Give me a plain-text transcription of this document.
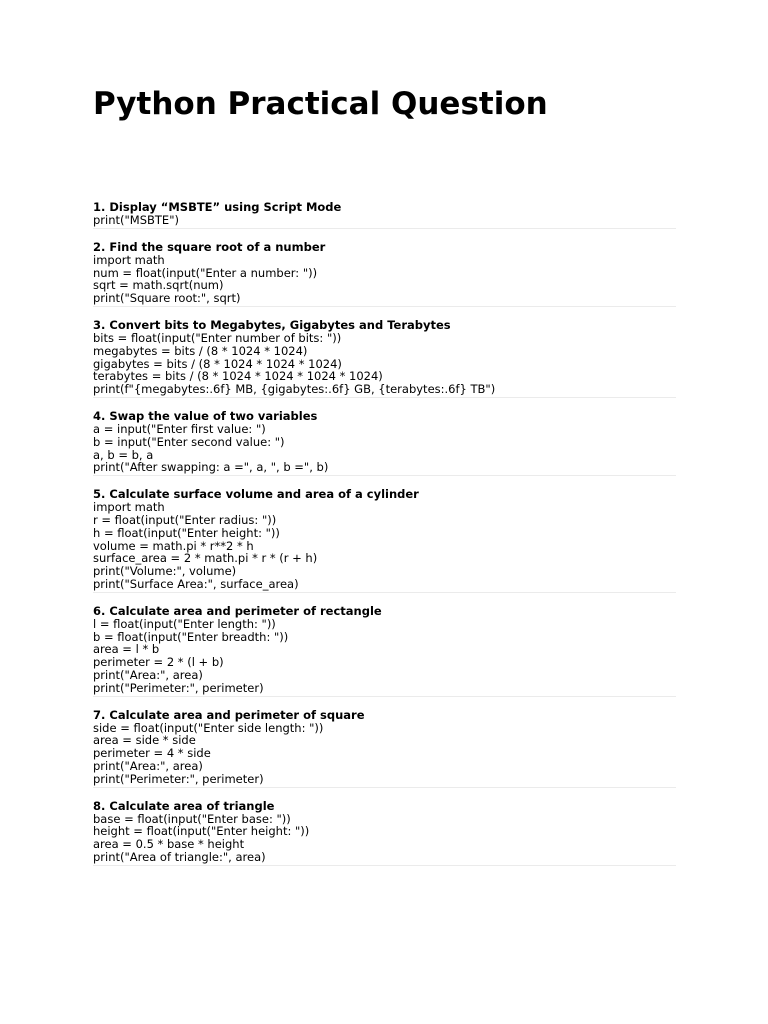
Python Practical Question
1. Display “MSBTE” using Script Mode
print("MSBTE")
2. Find the square root of a number
import math
num = float(input("Enter a number: "))
sqrt = math.sqrt(num)
print("Square root:", sqrt)
3. Convert bits to Megabytes, Gigabytes and Terabytes
bits = float(input("Enter number of bits: "))
megabytes = bits / (8 * 1024 * 1024)
gigabytes = bits / (8 * 1024 * 1024 * 1024)
terabytes = bits / (8 * 1024 * 1024 * 1024 * 1024)
print(f"{megabytes:.6f} MB, {gigabytes:.6f} GB, {terabytes:.6f} TB")
4. Swap the value of two variables
a = input("Enter first value: ")
b = input("Enter second value: ")
a, b = b, a
print("After swapping: a =", a, ", b =", b)
5. Calculate surface volume and area of a cylinder
import math
r = float(input("Enter radius: "))
h = float(input("Enter height: "))
volume = math.pi * r**2 * h
surface_area = 2 * math.pi * r * (r + h)
print("Volume:", volume)
print("Surface Area:", surface_area)
6. Calculate area and perimeter of rectangle
l = float(input("Enter length: "))
b = float(input("Enter breadth: "))
area = l * b
perimeter = 2 * (l + b)
print("Area:", area)
print("Perimeter:", perimeter)
7. Calculate area and perimeter of square
side = float(input("Enter side length: "))
area = side * side
perimeter = 4 * side
print("Area:", area)
print("Perimeter:", perimeter)
8. Calculate area of triangle
base = float(input("Enter base: "))
height = float(input("Enter height: "))
area = 0.5 * base * height
print("Area of triangle:", area)
